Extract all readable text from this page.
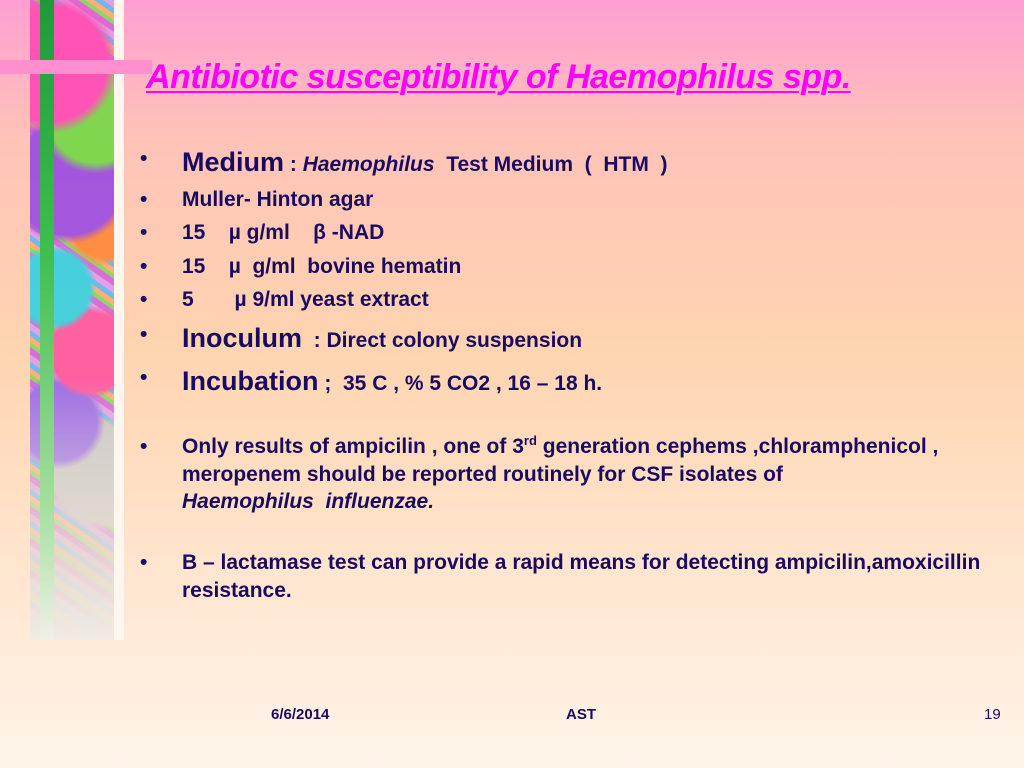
Antibiotic susceptibility of Haemophilus spp.
• Medium : Haemophilus  Test Medium  (  HTM  )
• Muller- Hinton agar
• 15    µ g/ml    β -NAD
• 15    µ  g/ml  bovine hematin
• 5       µ 9/ml yeast extract
• Inoculum  : Direct colony suspension
• Incubation ;  35 C , % 5 CO2 , 16 – 18 h.
• Only results of ampicilin , one of 3rd generation cephems ,chloramphenicol , meropenem should be reported routinely for CSF isolates of Haemophilus  influenzae.
• B – lactamase test can provide a rapid means for detecting ampicilin,amoxicillin resistance.
6/6/2014	AST	19
